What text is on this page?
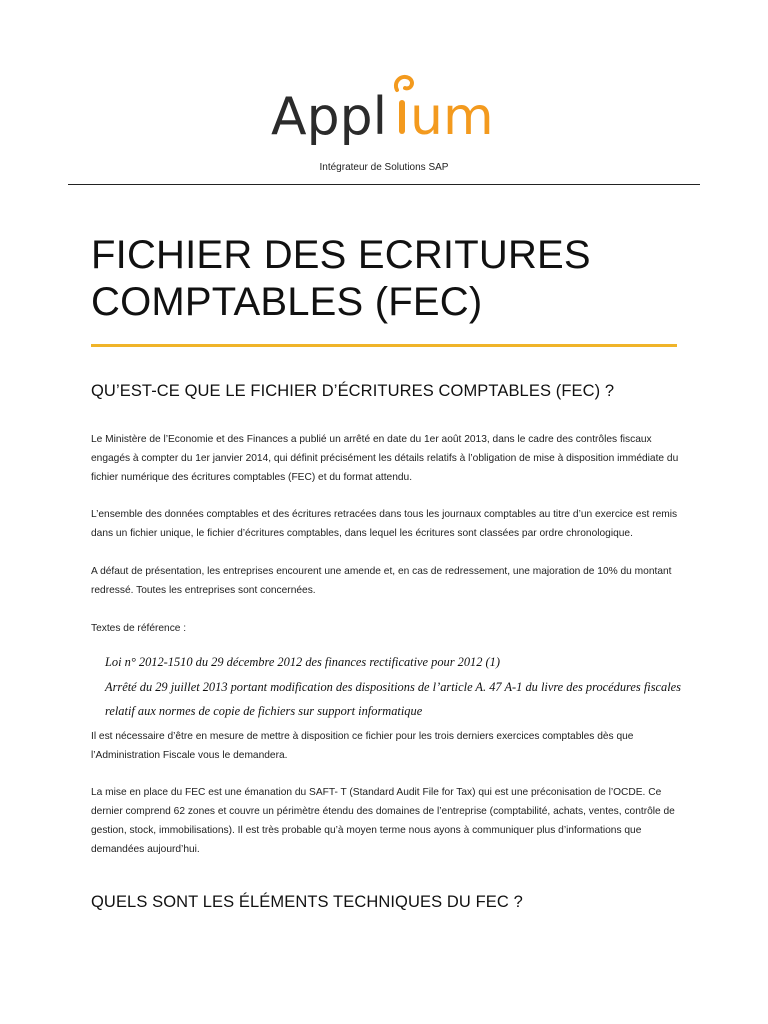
Appl um
Intégrateur de Solutions SAP
FICHIER DES ECRITURES
COMPTABLES (FEC)
QU’EST-CE QUE LE FICHIER D’ÉCRITURES COMPTABLES (FEC) ?

Le Ministère de l’Economie et des Finances a publié un arrêté en date du 1er août 2013, dans le cadre des contrôles fiscaux engagés à compter du 1er janvier 2014, qui définit précisément les détails relatifs à l’obligation de mise à disposition immédiate du fichier numérique des écritures comptables (FEC) et du format attendu.

L’ensemble des données comptables et des écritures retracées dans tous les journaux comptables au titre d’un exercice est remis dans un fichier unique, le fichier d’écritures comptables, dans lequel les écritures sont classées par ordre chronologique.

A défaut de présentation, les entreprises encourent une amende et, en cas de redressement, une majoration de 10% du montant redressé. Toutes les entreprises sont concernées.

Textes de référence :

Loi n° 2012-1510 du 29 décembre 2012 des finances rectificative pour 2012 (1)
Arrêté du 29 juillet 2013 portant modification des dispositions de l’article A. 47 A-1 du livre des procédures fiscales relatif aux normes de copie de fichiers sur support informatique

Il est nécessaire d’être en mesure de mettre à disposition ce fichier pour les trois derniers exercices comptables dès que l’Administration Fiscale vous le demandera.

La mise en place du FEC est une émanation du SAFT- T (Standard Audit File for Tax) qui est une préconisation de l’OCDE. Ce dernier comprend 62 zones et couvre un périmètre étendu des domaines de l’entreprise (comptabilité, achats, ventes, contrôle de gestion, stock, immobilisations). Il est très probable qu’à moyen terme nous ayons à communiquer plus d’informations que demandées aujourd’hui.

QUELS SONT LES ÉLÉMENTS TECHNIQUES DU FEC ?
